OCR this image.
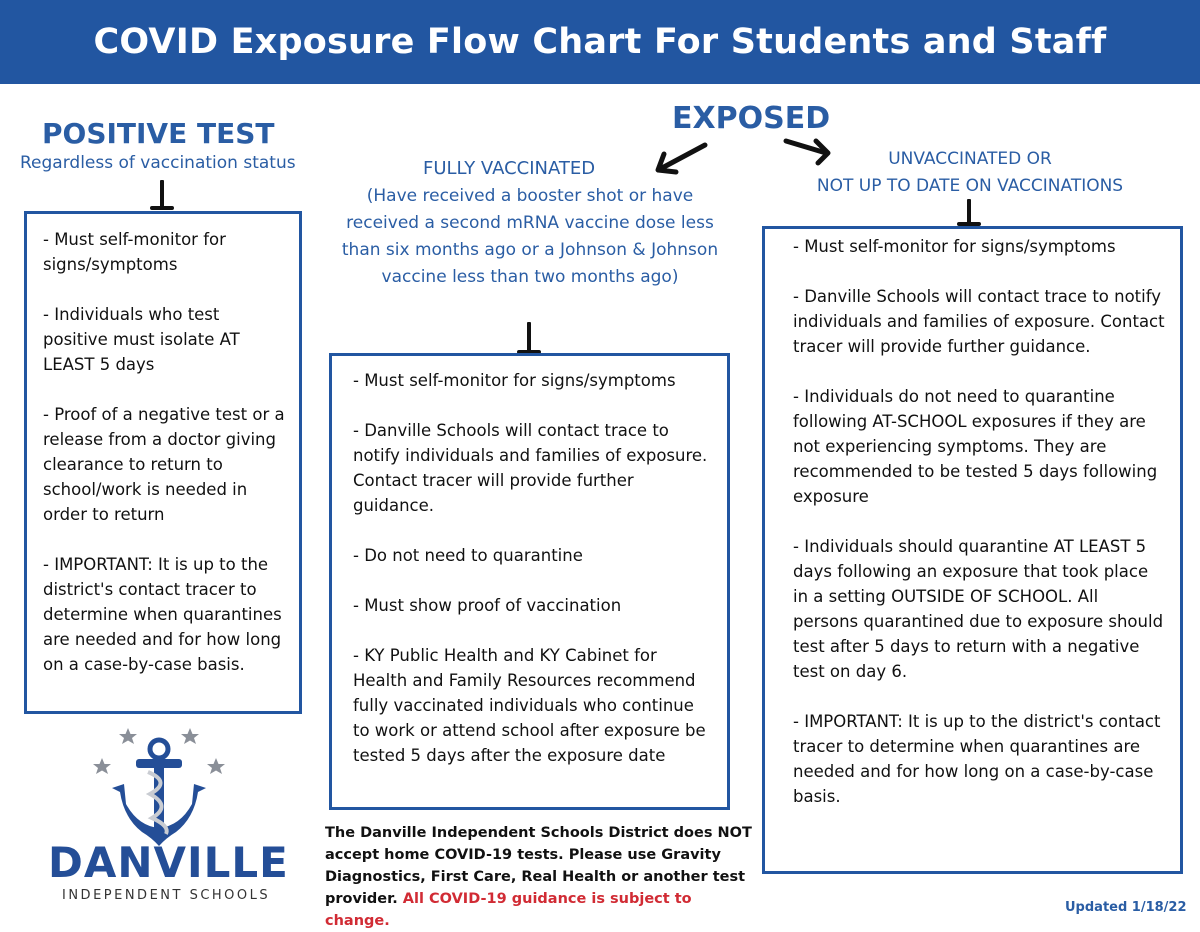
COVID Exposure Flow Chart For Students and Staff
POSITIVE TEST
Regardless of vaccination status
- Must self-monitor for signs/symptoms
- Individuals who test positive must isolate AT LEAST 5 days
- Proof of a negative test or a release from a doctor giving clearance to return to school/work is needed in order to return
- IMPORTANT: It is up to the district's contact tracer to determine when quarantines are needed and for how long on a case-by-case basis.
EXPOSED
FULLY VACCINATED
(Have received a booster shot or have received a second mRNA vaccine dose less than six months ago or a Johnson & Johnson vaccine less than two months ago)
- Must self-monitor for signs/symptoms
- Danville Schools will contact trace to notify individuals and families of exposure. Contact tracer will provide further guidance.
- Do not need to quarantine
- Must show proof of vaccination
- KY Public Health and KY Cabinet for Health and Family Resources recommend fully vaccinated individuals who continue to work or attend school after exposure be tested 5 days after the exposure date
UNVACCINATED OR
NOT UP TO DATE ON VACCINATIONS
- Must self-monitor for signs/symptoms
- Danville Schools will contact trace to notify individuals and families of exposure. Contact tracer will provide further guidance.
- Individuals do not need to quarantine following AT-SCHOOL exposures if they are not experiencing symptoms. They are recommended to be tested 5 days following exposure
- Individuals should quarantine AT LEAST 5 days following an exposure that took place in a setting OUTSIDE OF SCHOOL. All persons quarantined due to exposure should test after 5 days to return with a negative test on day 6.
- IMPORTANT: It is up to the district's contact tracer to determine when quarantines are needed and for how long on a case-by-case basis.
DANVILLE
INDEPENDENT SCHOOLS
The Danville Independent Schools District does NOT accept home COVID-19 tests. Please use Gravity Diagnostics, First Care, Real Health or another test provider. All COVID-19 guidance is subject to change.
Updated 1/18/22
